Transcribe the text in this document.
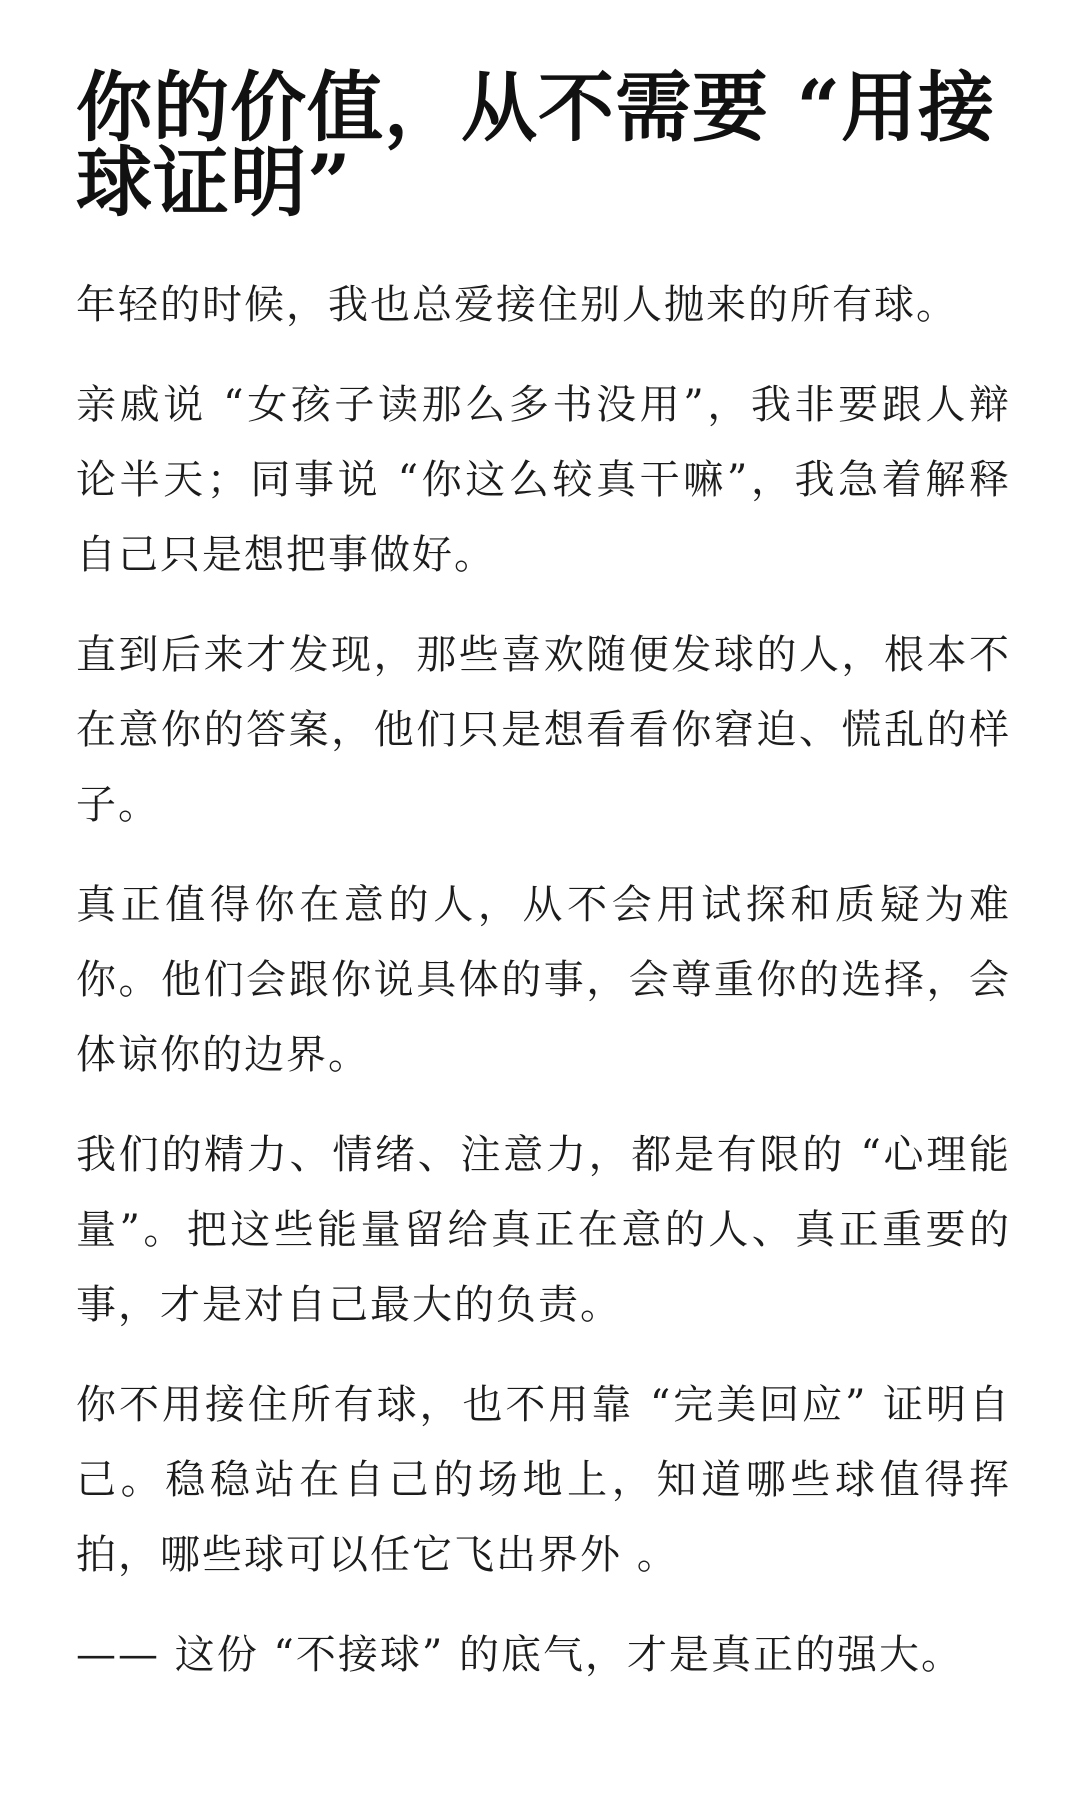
你的价值，从不需要 “用接球证明”

年轻的时候，我也总爱接住别人抛来的所有球。

亲戚说 “女孩子读那么多书没用”，我非要跟人辩论半天；同事说 “你这么较真干嘛”，我急着解释自己只是想把事做好。

直到后来才发现，那些喜欢随便发球的人，根本不在意你的答案，他们只是想看看你窘迫、慌乱的样子。

真正值得你在意的人，从不会用试探和质疑为难你。他们会跟你说具体的事，会尊重你的选择，会体谅你的边界。

我们的精力、情绪、注意力，都是有限的 “心理能量”。把这些能量留给真正在意的人、真正重要的事，才是对自己最大的负责。

你不用接住所有球，也不用靠 “完美回应” 证明自己。稳稳站在自己的场地上，知道哪些球值得挥拍，哪些球可以任它飞出界外 。

—— 这份 “不接球” 的底气，才是真正的强大。
